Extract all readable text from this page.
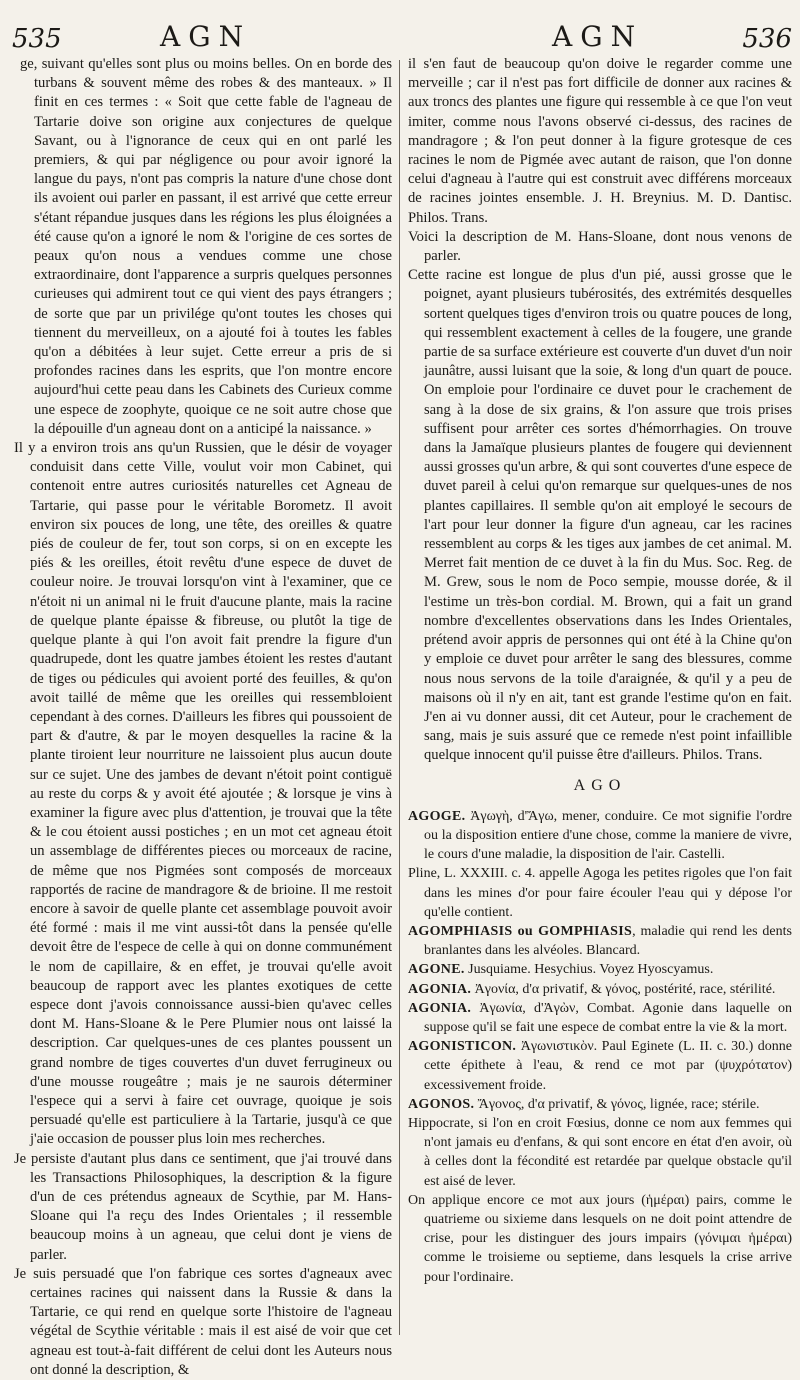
535	AGN	AGN	536

ge, suivant qu'elles sont plus ou moins belles. On en borde des turbans & souvent même des robes & des manteaux. » Il finit en ces termes : « Soit que cette fable de l'agneau de Tartarie doive son origine aux conjectures de quelque Savant, ou à l'ignorance de ceux qui en ont parlé les premiers, & qui par négligence ou pour avoir ignoré la langue du pays, n'ont pas compris la nature d'une chose dont ils avoient oui parler en passant, il est arrivé que cette erreur s'étant répandue jusques dans les régions les plus éloignées a été cause qu'on a ignoré le nom & l'origine de ces sortes de peaux qu'on nous a vendues comme une chose extraordinaire, dont l'apparence a surpris quelques personnes curieuses qui admirent tout ce qui vient des pays étrangers ; de sorte que par un privilége qu'ont toutes les choses qui tiennent du merveilleux, on a ajouté foi à toutes les fables qu'on a débitées à leur sujet. Cette erreur a pris de si profondes racines dans les esprits, que l'on montre encore aujourd'hui cette peau dans les Cabinets des Curieux comme une espece de zoophyte, quoique ce ne soit autre chose que la dépouille d'un agneau dont on a anticipé la naissance. »

Il y a environ trois ans qu'un Russien, que le désir de voyager conduisit dans cette Ville, voulut voir mon Cabinet, qui contenoit entre autres curiosités naturelles cet Agneau de Tartarie, qui passe pour le véritable Borometz. Il avoit environ six pouces de long, une tête, des oreilles & quatre piés de couleur de fer, tout son corps, si on en excepte les piés & les oreilles, étoit revêtu d'une espece de duvet de couleur noire. Je trouvai lorsqu'on vint à l'examiner, que ce n'étoit ni un animal ni le fruit d'aucune plante, mais la racine de quelque plante épaisse & fibreuse, ou plutôt la tige de quelque plante à qui l'on avoit fait prendre la figure d'un quadrupede, dont les quatre jambes étoient les restes d'autant de tiges ou pédicules qui avoient porté des feuilles, & qu'on avoit taillé de même que les oreilles qui ressembloient cependant à des cornes. D'ailleurs les fibres qui poussoient de part & d'autre, & par le moyen desquelles la racine & la plante tiroient leur nourriture ne laissoient plus aucun doute sur ce sujet. Une des jambes de devant n'étoit point contiguë au reste du corps & y avoit été ajoutée ; & lorsque je vins à examiner la figure avec plus d'attention, je trouvai que la tête & le cou étoient aussi postiches ; en un mot cet agneau étoit un assemblage de différentes pieces ou morceaux de racine, de même que nos Pigmées sont composés de morceaux rapportés de racine de mandragore & de brioine. Il me restoit encore à savoir de quelle plante cet assemblage pouvoit avoir été formé : mais il me vint aussi-tôt dans la pensée qu'elle devoit être de l'espece de celle à qui on donne communément le nom de capillaire, & en effet, je trouvai qu'elle avoit beaucoup de rapport avec les plantes exotiques de cette espece dont j'avois connoissance aussi-bien qu'avec celles dont M. Hans-Sloane & le Pere Plumier nous ont laissé la description. Car quelques-unes de ces plantes poussent un grand nombre de tiges couvertes d'un duvet ferrugineux ou d'une mousse rougeâtre ; mais je ne saurois déterminer l'espece qui a servi à faire cet ouvrage, quoique je sois persuadé qu'elle est particuliere à la Tartarie, jusqu'à ce que j'aie occasion de pousser plus loin mes recherches.

Je persiste d'autant plus dans ce sentiment, que j'ai trouvé dans les Transactions Philosophiques, la description & la figure d'un de ces prétendus agneaux de Scythie, par M. Hans-Sloane qui l'a reçu des Indes Orientales ; il ressemble beaucoup moins à un agneau, que celui dont je viens de parler.

Je suis persuadé que l'on fabrique ces sortes d'agneaux avec certaines racines qui naissent dans la Russie & dans la Tartarie, ce qui rend en quelque sorte l'histoire de l'agneau végétal de Scythie véritable : mais il est aisé de voir que cet agneau est tout-à-fait différent de celui dont les Auteurs nous ont donné la description, &

il s'en faut de beaucoup qu'on doive le regarder comme une merveille ; car il n'est pas fort difficile de donner aux racines & aux troncs des plantes une figure qui ressemble à ce que l'on veut imiter, comme nous l'avons observé ci-dessus, des racines de mandragore ; & l'on peut donner à la figure grotesque de ces racines le nom de Pigmée avec autant de raison, que l'on donne celui d'agneau à l'autre qui est construit avec différens morceaux de racines jointes ensemble. J. H. Breynius. M. D. Dantisc. Philos. Trans.

Voici la description de M. Hans-Sloane, dont nous venons de parler.

Cette racine est longue de plus d'un pié, aussi grosse que le poignet, ayant plusieurs tubérosités, des extrémités desquelles sortent quelques tiges d'environ trois ou quatre pouces de long, qui ressemblent exactement à celles de la fougere, une grande partie de sa surface extérieure est couverte d'un duvet d'un noir jaunâtre, aussi luisant que la soie, & long d'un quart de pouce. On emploie pour l'ordinaire ce duvet pour le crachement de sang à la dose de six grains, & l'on assure que trois prises suffisent pour arrêter ces sortes d'hémorrhagies. On trouve dans la Jamaïque plusieurs plantes de fougere qui deviennent aussi grosses qu'un arbre, & qui sont couvertes d'une espece de duvet pareil à celui qu'on remarque sur quelques-unes de nos plantes capillaires. Il semble qu'on ait employé le secours de l'art pour leur donner la figure d'un agneau, car les racines ressemblent au corps & les tiges aux jambes de cet animal. M. Merret fait mention de ce duvet à la fin du Mus. Soc. Reg. de M. Grew, sous le nom de Poco sempie, mousse dorée, & il l'estime un très-bon cordial. M. Brown, qui a fait un grand nombre d'excellentes observations dans les Indes Orientales, prétend avoir appris de personnes qui ont été à la Chine qu'on y emploie ce duvet pour arrêter le sang des blessures, comme nous nous servons de la toile d'araignée, & qu'il y a peu de maisons où il n'y en ait, tant est grande l'estime qu'on en fait. J'en ai vu donner aussi, dit cet Auteur, pour le crachement de sang, mais je suis assuré que ce remede n'est point infaillible quelque innocent qu'il puisse être d'ailleurs. Philos. Trans.

AGO

AGOGE. Ἀγωγὴ, d'Ἄγω, mener, conduire. Ce mot signifie l'ordre ou la disposition entiere d'une chose, comme la maniere de vivre, le cours d'une maladie, la disposition de l'air. Castelli.

Pline, L. XXXIII. c. 4. appelle Agoga les petites rigoles que l'on fait dans les mines d'or pour faire écouler l'eau qui y dépose l'or qu'elle contient.

AGOMPHIASIS ou GOMPHIASIS, maladie qui rend les dents branlantes dans les alvéoles. Blancard.

AGONE. Jusquiame. Hesychius. Voyez Hyoscyamus.

AGONIA. Ἀγονία, d'α privatif, & γόνος, postérité, race, stérilité.

AGONIA. Ἀγωνία, d'Ἀγὼν, Combat. Agonie dans laquelle on suppose qu'il se fait une espece de combat entre la vie & la mort.

AGONISTICON. Ἀγωνιστικὸν. Paul Eginete (L. II. c. 30.) donne cette épithete à l'eau, & rend ce mot par (ψυχρότατον) excessivement froide.

AGONOS. Ἄγονος, d'α privatif, & γόνος, lignée, race; stérile.

Hippocrate, si l'on en croit Fœsius, donne ce nom aux femmes qui n'ont jamais eu d'enfans, & qui sont encore en état d'en avoir, où à celles dont la fécondité est retardée par quelque obstacle qu'il est aisé de lever.

On applique encore ce mot aux jours (ἡμέραι) pairs, comme le quatrieme ou sixieme dans lesquels on ne doit point attendre de crise, pour les distinguer des jours impairs (γόνιμαι ἡμέραι) comme le troisieme ou septieme, dans lesquels la crise arrive pour l'ordinaire.
